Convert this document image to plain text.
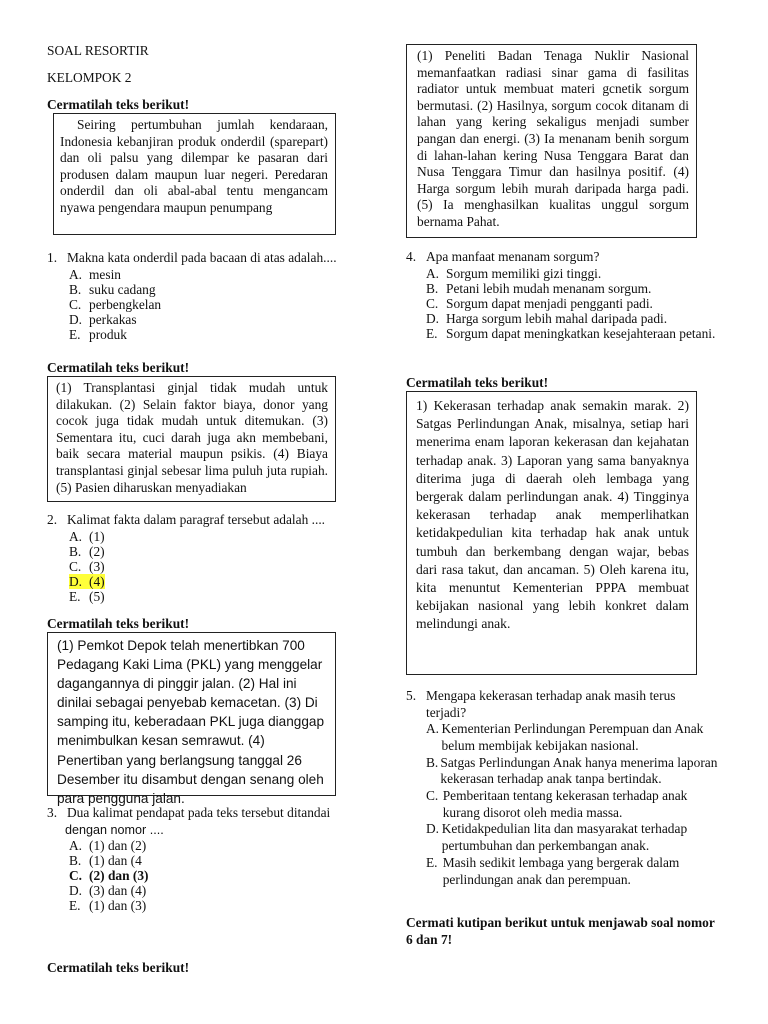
SOAL RESORTIR
KELOMPOK 2
Cermatilah teks berikut!

Seiring pertumbuhan jumlah kendaraan, Indonesia kebanjiran produk onderdil (sparepart) dan oli palsu yang dilempar ke pasaran dari produsen dalam maupun luar negeri. Peredaran onderdil dan oli abal-abal tentu mengancam nyawa pengendara maupun penumpang

1. Makna kata onderdil pada bacaan di atas adalah....
A. mesin
B. suku cadang
C. perbengkelan
D. perkakas
E. produk
Cermatilah teks berikut!

(1) Transplantasi ginjal tidak mudah untuk dilakukan. (2) Selain faktor biaya, donor yang cocok juga tidak mudah untuk ditemukan. (3) Sementara itu, cuci darah juga akn membebani, baik secara material maupun psikis. (4) Biaya transplantasi ginjal sebesar lima puluh juta rupiah. (5) Pasien diharuskan menyadiakan

2. Kalimat fakta dalam paragraf tersebut adalah ....
A. (1)
B. (2)
C. (3)
D. (4)
E. (5)
Cermatilah teks berikut!

(1) Pemkot Depok telah menertibkan 700 Pedagang Kaki Lima (PKL) yang menggelar dagangannya di pinggir jalan. (2) Hal ini dinilai sebagai penyebab kemacetan. (3) Di samping itu, keberadaan PKL juga dianggap menimbulkan kesan semrawut. (4) Penertiban yang berlangsung tanggal 26 Desember itu disambut dengan senang oleh para pengguna jalan.

3. Dua kalimat pendapat pada teks tersebut ditandai
dengan nomor ....
A. (1) dan (2)
B. (1) dan (4
C. (2) dan (3)
D. (3) dan (4)
E. (1) dan (3)
Cermatilah teks berikut!

(1) Peneliti Badan Tenaga Nuklir Nasional memanfaatkan radiasi sinar gama di fasilitas radiator untuk membuat materi gcnetik sorgum bermutasi. (2) Hasilnya, sorgum cocok ditanam di lahan yang kering sekaligus menjadi sumber pangan dan energi. (3) Ia menanam benih sorgum di lahan-lahan kering Nusa Tenggara Barat dan Nusa Tenggara Timur dan hasilnya positif. (4) Harga sorgum lebih murah daripada harga padi. (5) Ia menghasilkan kualitas unggul sorgum bernama Pahat.

4. Apa manfaat menanam sorgum?
A. Sorgum memiliki gizi tinggi.
B. Petani lebih mudah menanam sorgum.
C. Sorgum dapat menjadi pengganti padi.
D. Harga sorgum lebih mahal daripada padi.
E. Sorgum dapat meningkatkan kesejahteraan petani.
Cermatilah teks berikut!

1) Kekerasan terhadap anak semakin marak. 2) Satgas Perlindungan Anak, misalnya, setiap hari menerima enam laporan kekerasan dan kejahatan terhadap anak. 3) Laporan yang sama banyaknya diterima juga di daerah oleh lembaga yang bergerak dalam perlindungan anak. 4) Tingginya kekerasan terhadap anak memperlihatkan ketidakpedulian kita terhadap hak anak untuk tumbuh dan berkembang dengan wajar, bebas dari rasa takut, dan ancaman. 5) Oleh karena itu, kita menuntut Kementerian PPPA membuat kebijakan nasional yang lebih konkret dalam melindungi anak.

5. Mengapa kekerasan terhadap anak masih terus terjadi?
A. Kementerian Perlindungan Perempuan dan Anak belum membijak kebijakan nasional.
B. Satgas Perlindungan Anak hanya menerima laporan kekerasan terhadap anak tanpa bertindak.
C. Pemberitaan tentang kekerasan terhadap anak kurang disorot oleh media massa.
D. Ketidakpedulian lita dan masyarakat terhadap pertumbuhan dan perkembangan anak.
E. Masih sedikit lembaga yang bergerak dalam perlindungan anak dan perempuan.
Cermati kutipan berikut untuk menjawab soal nomor 6 dan 7!
